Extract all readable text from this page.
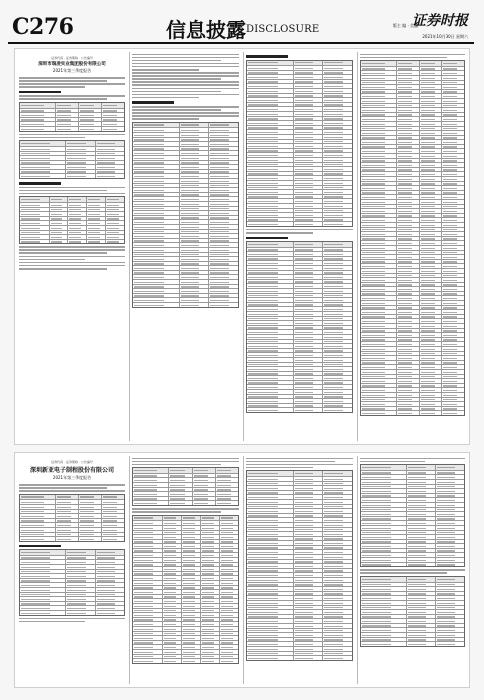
C276	信息披露 DISCLOSURE
证券时报
版主 编 · 美编
2021年10月30日 星期六
证券代码 · 证券简称 · 公告编号
深圳市瑞凌实业集团股份有限公司
2021年第三季度报告
证券代码 · 证券简称 · 公告编号
深圳新亚电子制程股份有限公司
2021年第三季度报告
